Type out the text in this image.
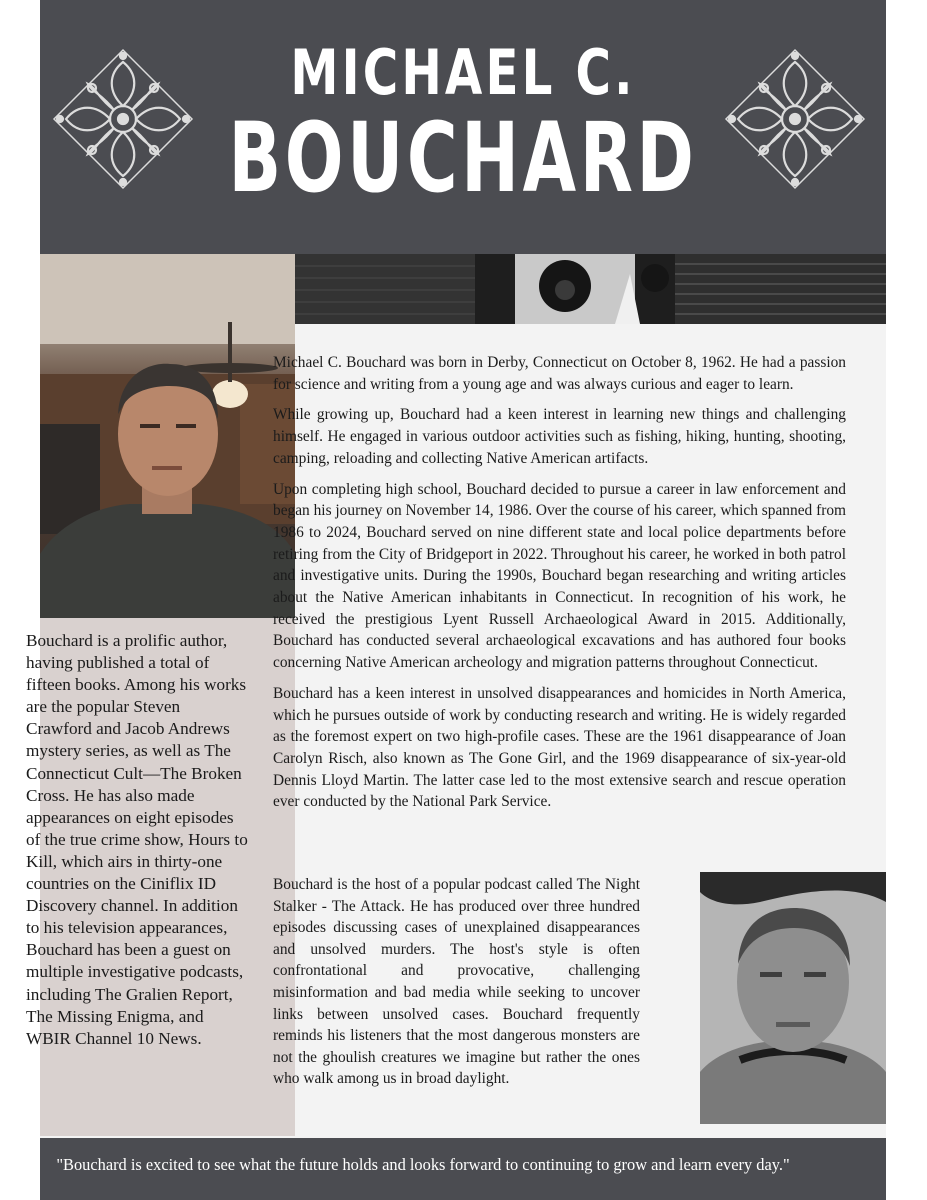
MICHAEL C.
BOUCHARD
Bouchard is a prolific author, having published a total of fifteen books. Among his works are the popular Steven Crawford and Jacob Andrews mystery series, as well as The Connecticut Cult—The Broken Cross. He has also made appearances on eight episodes of the true crime show, Hours to Kill, which airs in thirty-one countries on the Ciniflix ID Discovery channel. In addition to his television appearances, Bouchard has been a guest on multiple investigative podcasts, including The Gralien Report, The Missing Enigma, and WBIR Channel 10 News.

Michael C. Bouchard was born in Derby, Connecticut on October 8, 1962. He had a passion for science and writing from a young age and was always curious and eager to learn.

While growing up, Bouchard had a keen interest in learning new things and challenging himself. He engaged in various outdoor activities such as fishing, hiking, hunting, shooting, camping, reloading and collecting Native American artifacts.

Upon completing high school, Bouchard decided to pursue a career in law enforcement and began his journey on November 14, 1986. Over the course of his career, which spanned from 1986 to 2024, Bouchard served on nine different state and local police departments before retiring from the City of Bridgeport in 2022. Throughout his career, he worked in both patrol and investigative units. During the 1990s, Bouchard began researching and writing articles about the Native American inhabitants in Connecticut. In recognition of his work, he received the prestigious Lyent Russell Archaeological Award in 2015. Additionally, Bouchard has conducted several archaeological excavations and has authored four books concerning Native American archeology and migration patterns throughout Connecticut.

Bouchard has a keen interest in unsolved disappearances and homicides in North America, which he pursues outside of work by conducting research and writing. He is widely regarded as the foremost expert on two high-profile cases. These are the 1961 disappearance of Joan Carolyn Risch, also known as The Gone Girl, and the 1969 disappearance of six-year-old Dennis Lloyd Martin. The latter case led to the most extensive search and rescue operation ever conducted by the National Park Service.

Bouchard is the host of a popular podcast called The Night Stalker - The Attack. He has produced over three hundred episodes discussing cases of unexplained disappearances and unsolved murders. The host's style is often confrontational and provocative, challenging misinformation and bad media while seeking to uncover links between unsolved cases. Bouchard frequently reminds his listeners that the most dangerous monsters are not the ghoulish creatures we imagine but rather the ones who walk among us in broad daylight.
"Bouchard is excited to see what the future holds and looks forward to continuing to grow and learn every day."
